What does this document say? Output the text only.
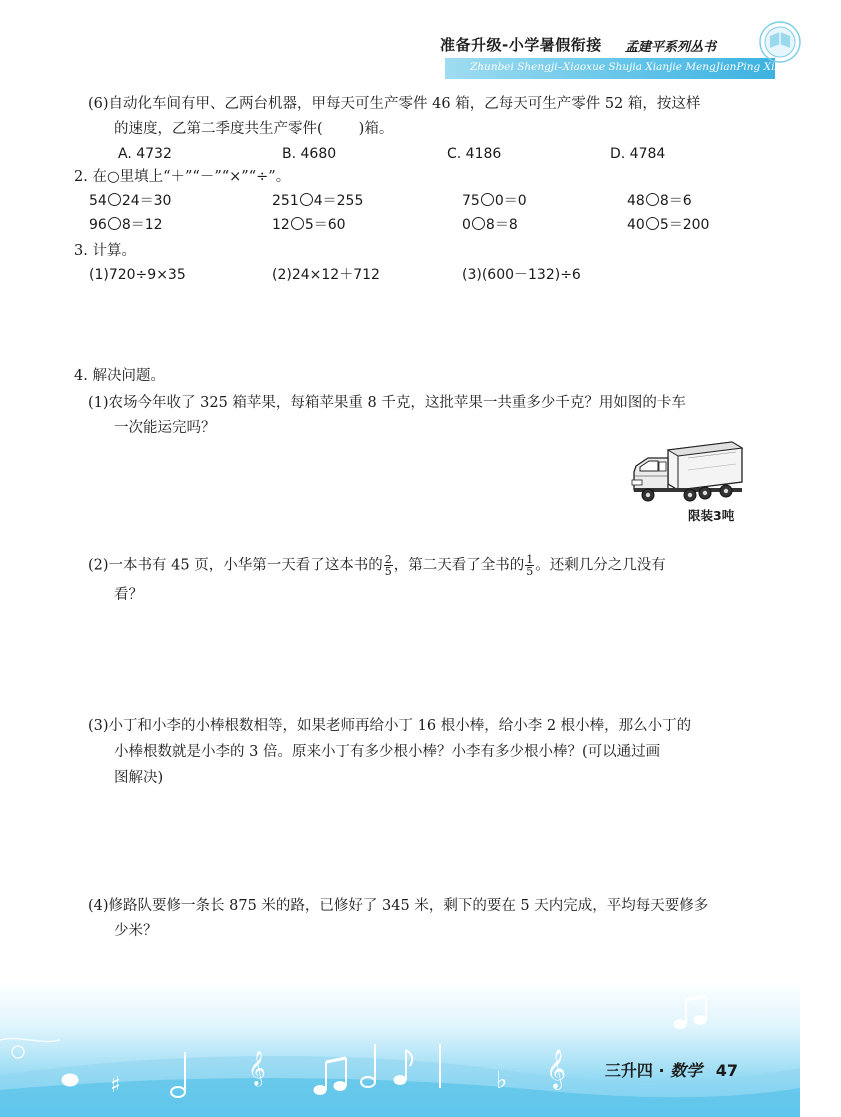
准备升级-小学暑假衔接 孟建平系列丛书
Zhunbei Shengji–Xiaoxue Shujia Xianjie MengJianPing XiLie Congshu
(6)自动化车间有甲、乙两台机器，甲每天可生产零件 46 箱，乙每天可生产零件 52 箱，按这样
的速度，乙第二季度共生产零件( )箱。
A. 4732	B. 4680	C. 4186	D. 4784
2. 在○里填上“＋”“－”“×”“÷”。
54 24＝30	251 4＝255	75 0＝0	48 8＝6
96 8＝12	12 5＝60	0 8＝8	40 5＝200
3. 计算。
(1)720÷9×35	(2)24×12＋712	(3)(600－132)÷6
4. 解决问题。
(1)农场今年收了 325 箱苹果，每箱苹果重 8 千克，这批苹果一共重多少千克？用如图的卡车
一次能运完吗？
限装3吨
(2)一本书有 45 页，小华第一天看了这本书的 $\frac{2}{5}$ ，第二天看了全书的 $\frac{1}{5}$ 。还剩几分之几没有
看？
(3)小丁和小李的小棒根数相等，如果老师再给小丁 16 根小棒，给小李 2 根小棒，那么小丁的
小棒根数就是小李的 3 倍。原来小丁有多少根小棒？小李有多少根小棒？(可以通过画
图解决)
(4)修路队要修一条长 875 米的路，已修好了 345 米，剩下的要在 5 天内完成，平均每天要修多
少米？
♯	𝄞	♭ 𝄞 三升四 · 数学 47
